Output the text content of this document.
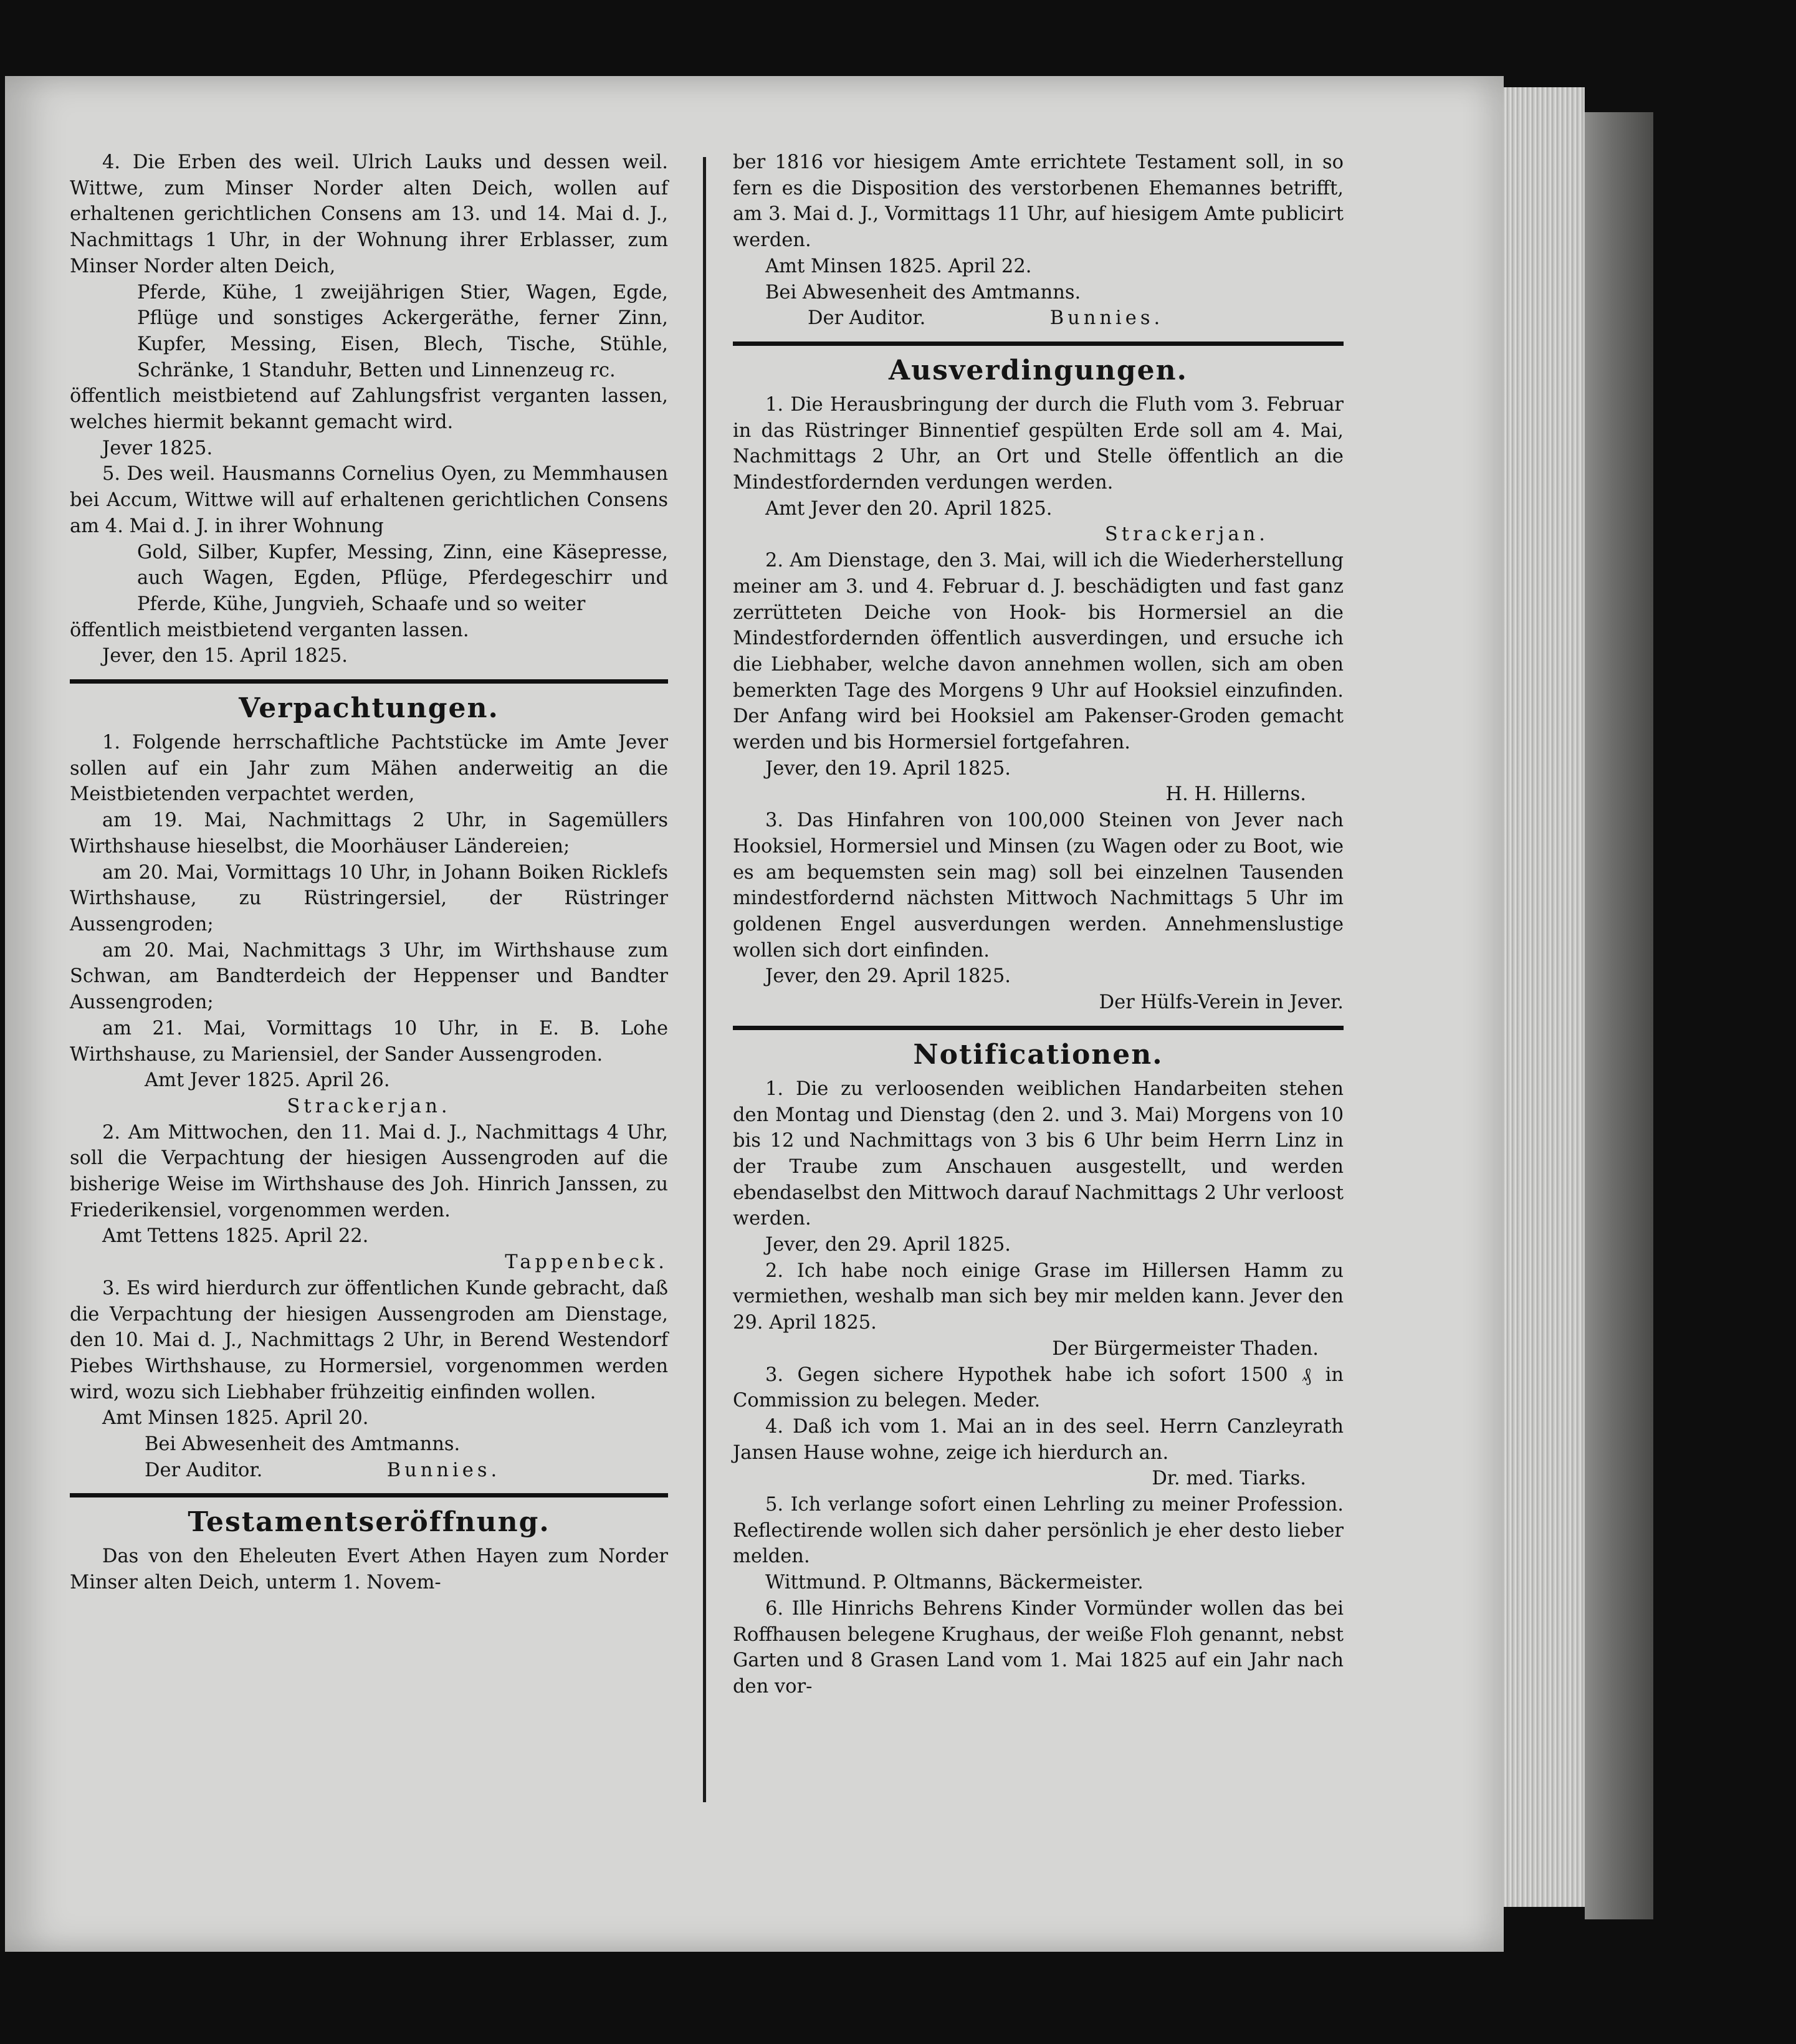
4. Die Erben des weil. Ulrich Lauks und dessen weil. Wittwe, zum Minser Norder alten Deich, wollen auf erhaltenen gerichtlichen Consens am 13. und 14. Mai d. J., Nachmittags 1 Uhr, in der Wohnung ihrer Erblasser, zum Minser Norder alten Deich,

Pferde, Kühe, 1 zweijährigen Stier, Wagen, Egde, Pflüge und sonstiges Ackergeräthe, ferner Zinn, Kupfer, Messing, Eisen, Blech, Tische, Stühle, Schränke, 1 Standuhr, Betten und Linnenzeug rc.

öffentlich meistbietend auf Zahlungsfrist verganten lassen, welches hiermit bekannt gemacht wird.

Jever 1825.

5. Des weil. Hausmanns Cornelius Oyen, zu Memmhausen bei Accum, Wittwe will auf erhaltenen gerichtlichen Consens am 4. Mai d. J. in ihrer Wohnung

Gold, Silber, Kupfer, Messing, Zinn, eine Käsepresse, auch Wagen, Egden, Pflüge, Pferdegeschirr und Pferde, Kühe, Jungvieh, Schaafe und so weiter

öffentlich meistbietend verganten lassen.

Jever, den 15. April 1825.

Verpachtungen.

1. Folgende herrschaftliche Pachtstücke im Amte Jever sollen auf ein Jahr zum Mähen anderweitig an die Meistbietenden verpachtet werden,

am 19. Mai, Nachmittags 2 Uhr, in Sagemüllers Wirthshause hieselbst, die Moorhäuser Ländereien;

am 20. Mai, Vormittags 10 Uhr, in Johann Boiken Ricklefs Wirthshause, zu Rüstringersiel, der Rüstringer Aussengroden;

am 20. Mai, Nachmittags 3 Uhr, im Wirthshause zum Schwan, am Bandterdeich der Heppenser und Bandter Aussengroden;

am 21. Mai, Vormittags 10 Uhr, in E. B. Lohe Wirthshause, zu Mariensiel, der Sander Aussengroden.

Amt Jever 1825. April 26.

Strackerjan.

2. Am Mittwochen, den 11. Mai d. J., Nachmittags 4 Uhr, soll die Verpachtung der hiesigen Aussengroden auf die bisherige Weise im Wirthshause des Joh. Hinrich Janssen, zu Friederikensiel, vorgenommen werden.

Amt Tettens 1825. April 22.

Tappenbeck.

3. Es wird hierdurch zur öffentlichen Kunde gebracht, daß die Verpachtung der hiesigen Aussengroden am Dienstage, den 10. Mai d. J., Nachmittags 2 Uhr, in Berend Westendorf Piebes Wirthshause, zu Hormersiel, vorgenommen werden wird, wozu sich Liebhaber frühzeitig einfinden wollen.

Amt Minsen 1825. April 20.

Bei Abwesenheit des Amtmanns.

Der Auditor.	Bunnies.

Testamentseröffnung.

Das von den Eheleuten Evert Athen Hayen zum Norder Minser alten Deich, unterm 1. Novem-

ber 1816 vor hiesigem Amte errichtete Testament soll, in so fern es die Disposition des verstorbenen Ehemannes betrifft, am 3. Mai d. J., Vormittags 11 Uhr, auf hiesigem Amte publicirt werden.

Amt Minsen 1825. April 22.

Bei Abwesenheit des Amtmanns.

Der Auditor.	Bunnies.

Ausverdingungen.

1. Die Herausbringung der durch die Fluth vom 3. Februar in das Rüstringer Binnentief gespülten Erde soll am 4. Mai, Nachmittags 2 Uhr, an Ort und Stelle öffentlich an die Mindestfordernden verdungen werden.

Amt Jever den 20. April 1825.

Strackerjan.

2. Am Dienstage, den 3. Mai, will ich die Wiederherstellung meiner am 3. und 4. Februar d. J. beschädigten und fast ganz zerrütteten Deiche von Hook- bis Hormersiel an die Mindestfordernden öffentlich ausverdingen, und ersuche ich die Liebhaber, welche davon annehmen wollen, sich am oben bemerkten Tage des Morgens 9 Uhr auf Hooksiel einzufinden. Der Anfang wird bei Hooksiel am Pakenser-Groden gemacht werden und bis Hormersiel fortgefahren.

Jever, den 19. April 1825.

H. H. Hillerns.

3. Das Hinfahren von 100,000 Steinen von Jever nach Hooksiel, Hormersiel und Minsen (zu Wagen oder zu Boot, wie es am bequemsten sein mag) soll bei einzelnen Tausenden mindestfordernd nächsten Mittwoch Nachmittags 5 Uhr im goldenen Engel ausverdungen werden. Annehmenslustige wollen sich dort einfinden.

Jever, den 29. April 1825.

Der Hülfs-Verein in Jever.

Notificationen.

1. Die zu verloosenden weiblichen Handarbeiten stehen den Montag und Dienstag (den 2. und 3. Mai) Morgens von 10 bis 12 und Nachmittags von 3 bis 6 Uhr beim Herrn Linz in der Traube zum Anschauen ausgestellt, und werden ebendaselbst den Mittwoch darauf Nachmittags 2 Uhr verloost werden.

Jever, den 29. April 1825.

2. Ich habe noch einige Grase im Hillersen Hamm zu vermiethen, weshalb man sich bey mir melden kann. Jever den 29. April 1825.

Der Bürgermeister Thaden.

3. Gegen sichere Hypothek habe ich sofort 1500 ₰ in Commission zu belegen. Meder.

4. Daß ich vom 1. Mai an in des seel. Herrn Canzleyrath Jansen Hause wohne, zeige ich hierdurch an.

Dr. med. Tiarks.

5. Ich verlange sofort einen Lehrling zu meiner Profession. Reflectirende wollen sich daher persönlich je eher desto lieber melden.

Wittmund. P. Oltmanns, Bäckermeister.

6. Ille Hinrichs Behrens Kinder Vormünder wollen das bei Roffhausen belegene Krughaus, der weiße Floh genannt, nebst Garten und 8 Grasen Land vom 1. Mai 1825 auf ein Jahr nach den vor-
